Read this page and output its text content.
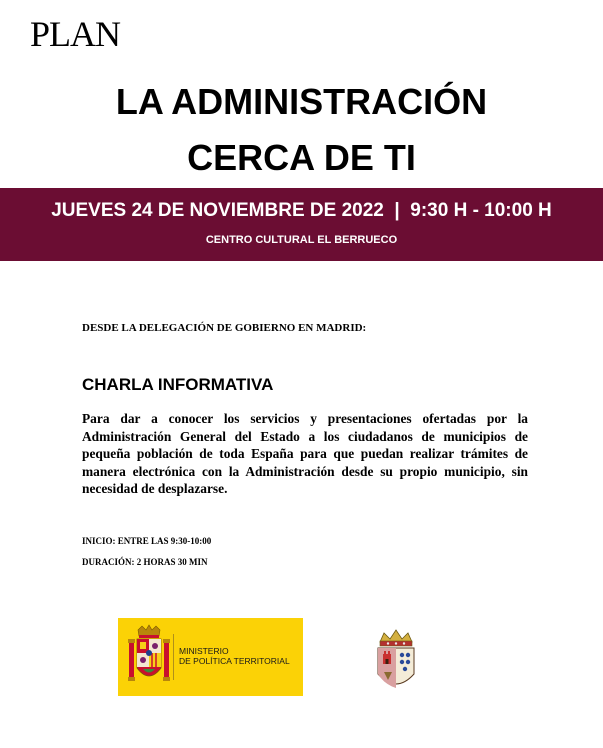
PLAN
LA ADMINISTRACIÓN
CERCA DE TI
JUEVES 24 DE NOVIEMBRE DE 2022  |  9:30 H - 10:00 H
CENTRO CULTURAL EL BERRUECO
DESDE LA DELEGACIÓN DE GOBIERNO EN MADRID:
CHARLA INFORMATIVA
Para dar a conocer los servicios y presentaciones ofertadas por la Administración General del Estado a los ciudadanos de municipios de pequeña población de toda España para que puedan realizar trámites de manera electrónica con la Administración desde su propio municipio, sin necesidad de desplazarse.
INICIO: ENTRE LAS 9:30-10:00
DURACIÓN: 2 HORAS 30 MIN
MINISTERIO
DE POLÍTICA TERRITORIAL
